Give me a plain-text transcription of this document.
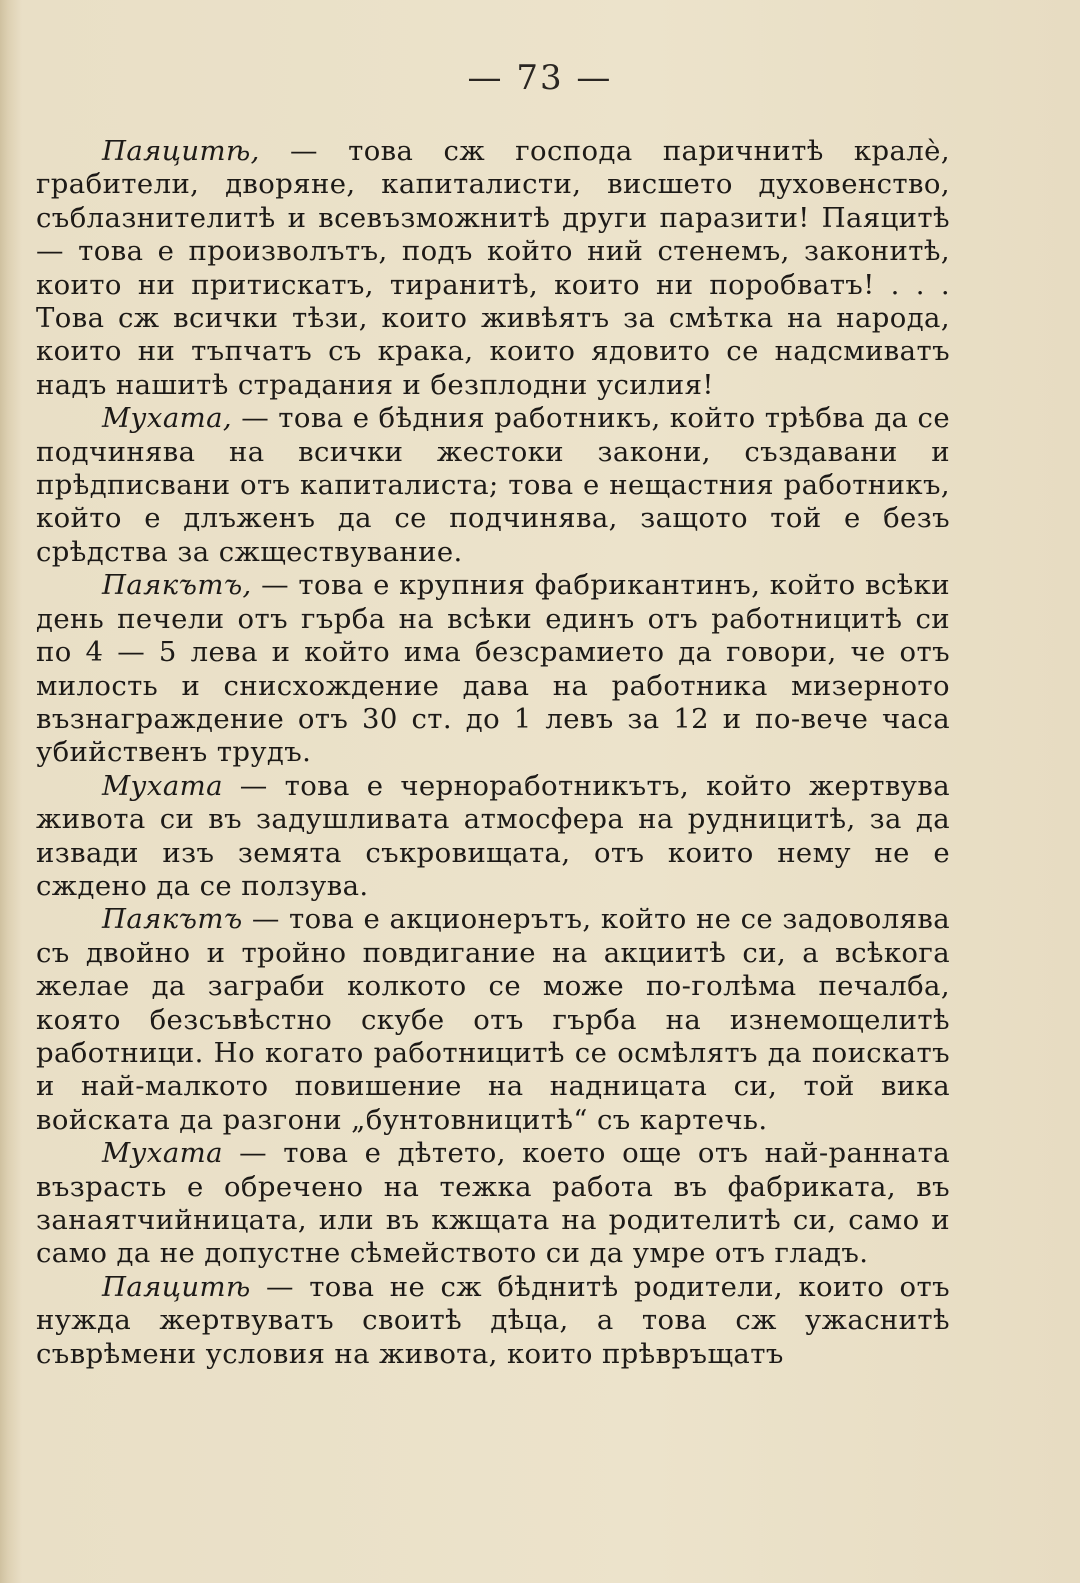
— 73 —

Паяцитѣ, — това сж господа паричнитѣ кралѐ, грабители, дворяне, капиталисти, висшето духовенство, съблазнителитѣ и всевъзможнитѣ други паразити! Паяцитѣ — това е произволътъ, подъ който ний стенемъ, законитѣ, които ни притискатъ, тиранитѣ, които ни поробватъ! . . . Това сж всички тѣзи, които живѣятъ за смѣтка на народа, които ни тъпчатъ съ крака, които ядовито се надсмиватъ надъ нашитѣ страдания и безплодни усилия!

Мухата, — това е бѣдния работникъ, който трѣбва да се подчинява на всички жестоки закони, създавани и прѣдписвани отъ капиталиста; това е нещастния работникъ, който е длъженъ да се подчинява, защото той е безъ срѣдства за сжществувание.

Паякътъ, — това е крупния фабрикантинъ, който всѣки день печели отъ гърба на всѣки единъ отъ работницитѣ си по 4 — 5 лева и който има безсрамието да говори, че отъ милость и снисхождение дава на работника мизерното възнаграждение отъ 30 ст. до 1 левъ за 12 и по-вече часа убийственъ трудъ.

Мухата — това е черноработникътъ, който жертвува живота си въ задушливата атмосфера на рудницитѣ, за да извади изъ земята съкровищата, отъ които нему не е сждено да се ползува.

Паякътъ — това е акционерътъ, който не се задоволява съ двойно и тройно повдигание на акциитѣ си, а всѣкога желае да заграби колкото се може по-голѣма печалба, която безсъвѣстно скубе отъ гърба на изнемощелитѣ работници. Но когато работницитѣ се осмѣлятъ да поискатъ и най-малкото повишение на надницата си, той вика войската да разгони „бунтовницитѣ“ съ картечь.

Мухата — това е дѣтето, което още отъ най-ранната възрасть е обречено на тежка работа въ фабриката, въ занаятчийницата, или въ кжщата на родителитѣ си, само и само да не допустне сѣмейството си да умре отъ гладъ.

Паяцитѣ — това не сж бѣднитѣ родители, които отъ нужда жертвуватъ своитѣ дѣца, а това сж ужаснитѣ съврѣмени условия на живота, които прѣвръщатъ
